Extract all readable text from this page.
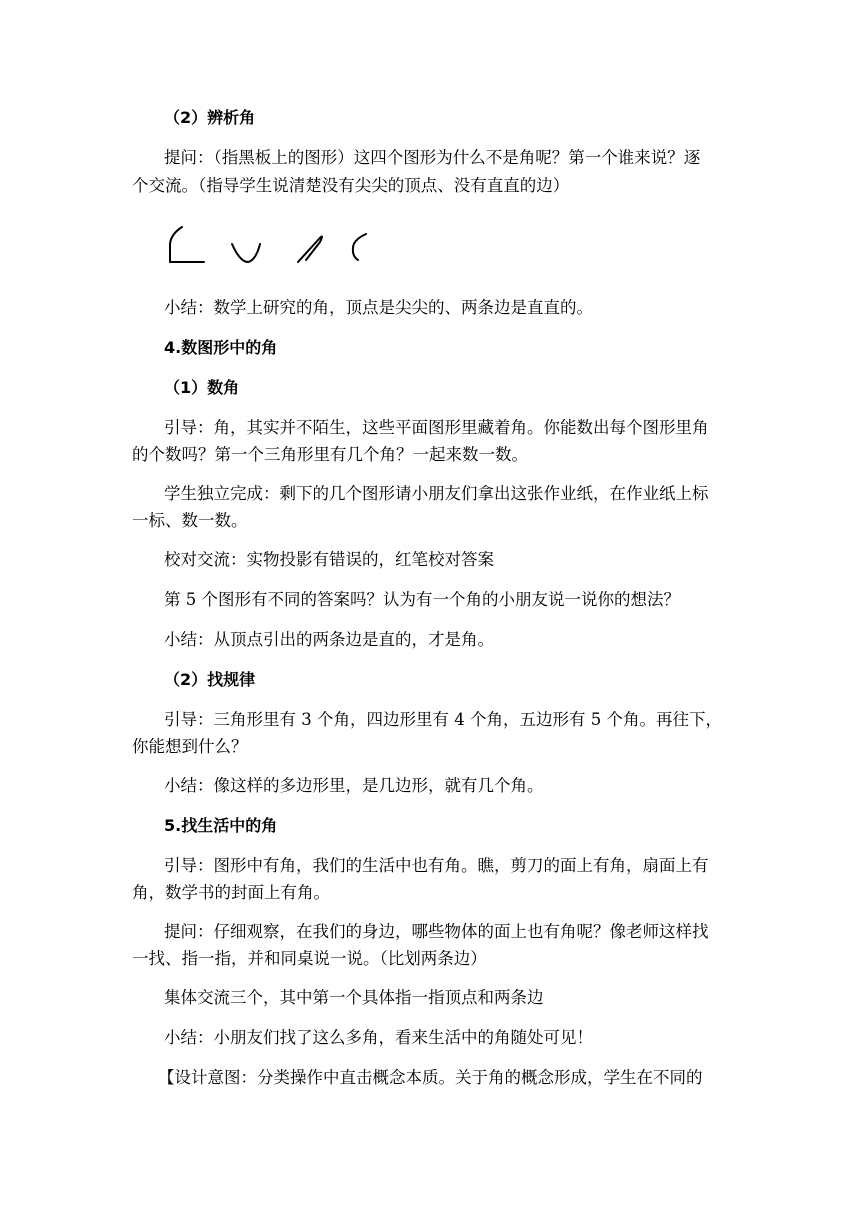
（2）辨析角
提问：（指黑板上的图形）这四个图形为什么不是角呢？第一个谁来说？逐
个交流。（指导学生说清楚没有尖尖的顶点、没有直直的边）
小结：数学上研究的角，顶点是尖尖的、两条边是直直的。
4.数图形中的角
（1）数角
引导：角，其实并不陌生，这些平面图形里藏着角。你能数出每个图形里角
的个数吗？第一个三角形里有几个角？一起来数一数。
学生独立完成：剩下的几个图形请小朋友们拿出这张作业纸，在作业纸上标
一标、数一数。
校对交流：实物投影有错误的，红笔校对答案
第 5 个图形有不同的答案吗？认为有一个角的小朋友说一说你的想法？
小结：从顶点引出的两条边是直的，才是角。
（2）找规律
引导：三角形里有 3 个角，四边形里有 4 个角，五边形有 5 个角。再往下，
你能想到什么？
小结：像这样的多边形里，是几边形，就有几个角。
5.找生活中的角
引导：图形中有角，我们的生活中也有角。瞧，剪刀的面上有角，扇面上有
角，数学书的封面上有角。
提问：仔细观察，在我们的身边，哪些物体的面上也有角呢？像老师这样找
一找、指一指，并和同桌说一说。（比划两条边）
集体交流三个，其中第一个具体指一指顶点和两条边
小结：小朋友们找了这么多角，看来生活中的角随处可见！
【设计意图：分类操作中直击概念本质。关于角的概念形成，学生在不同的
